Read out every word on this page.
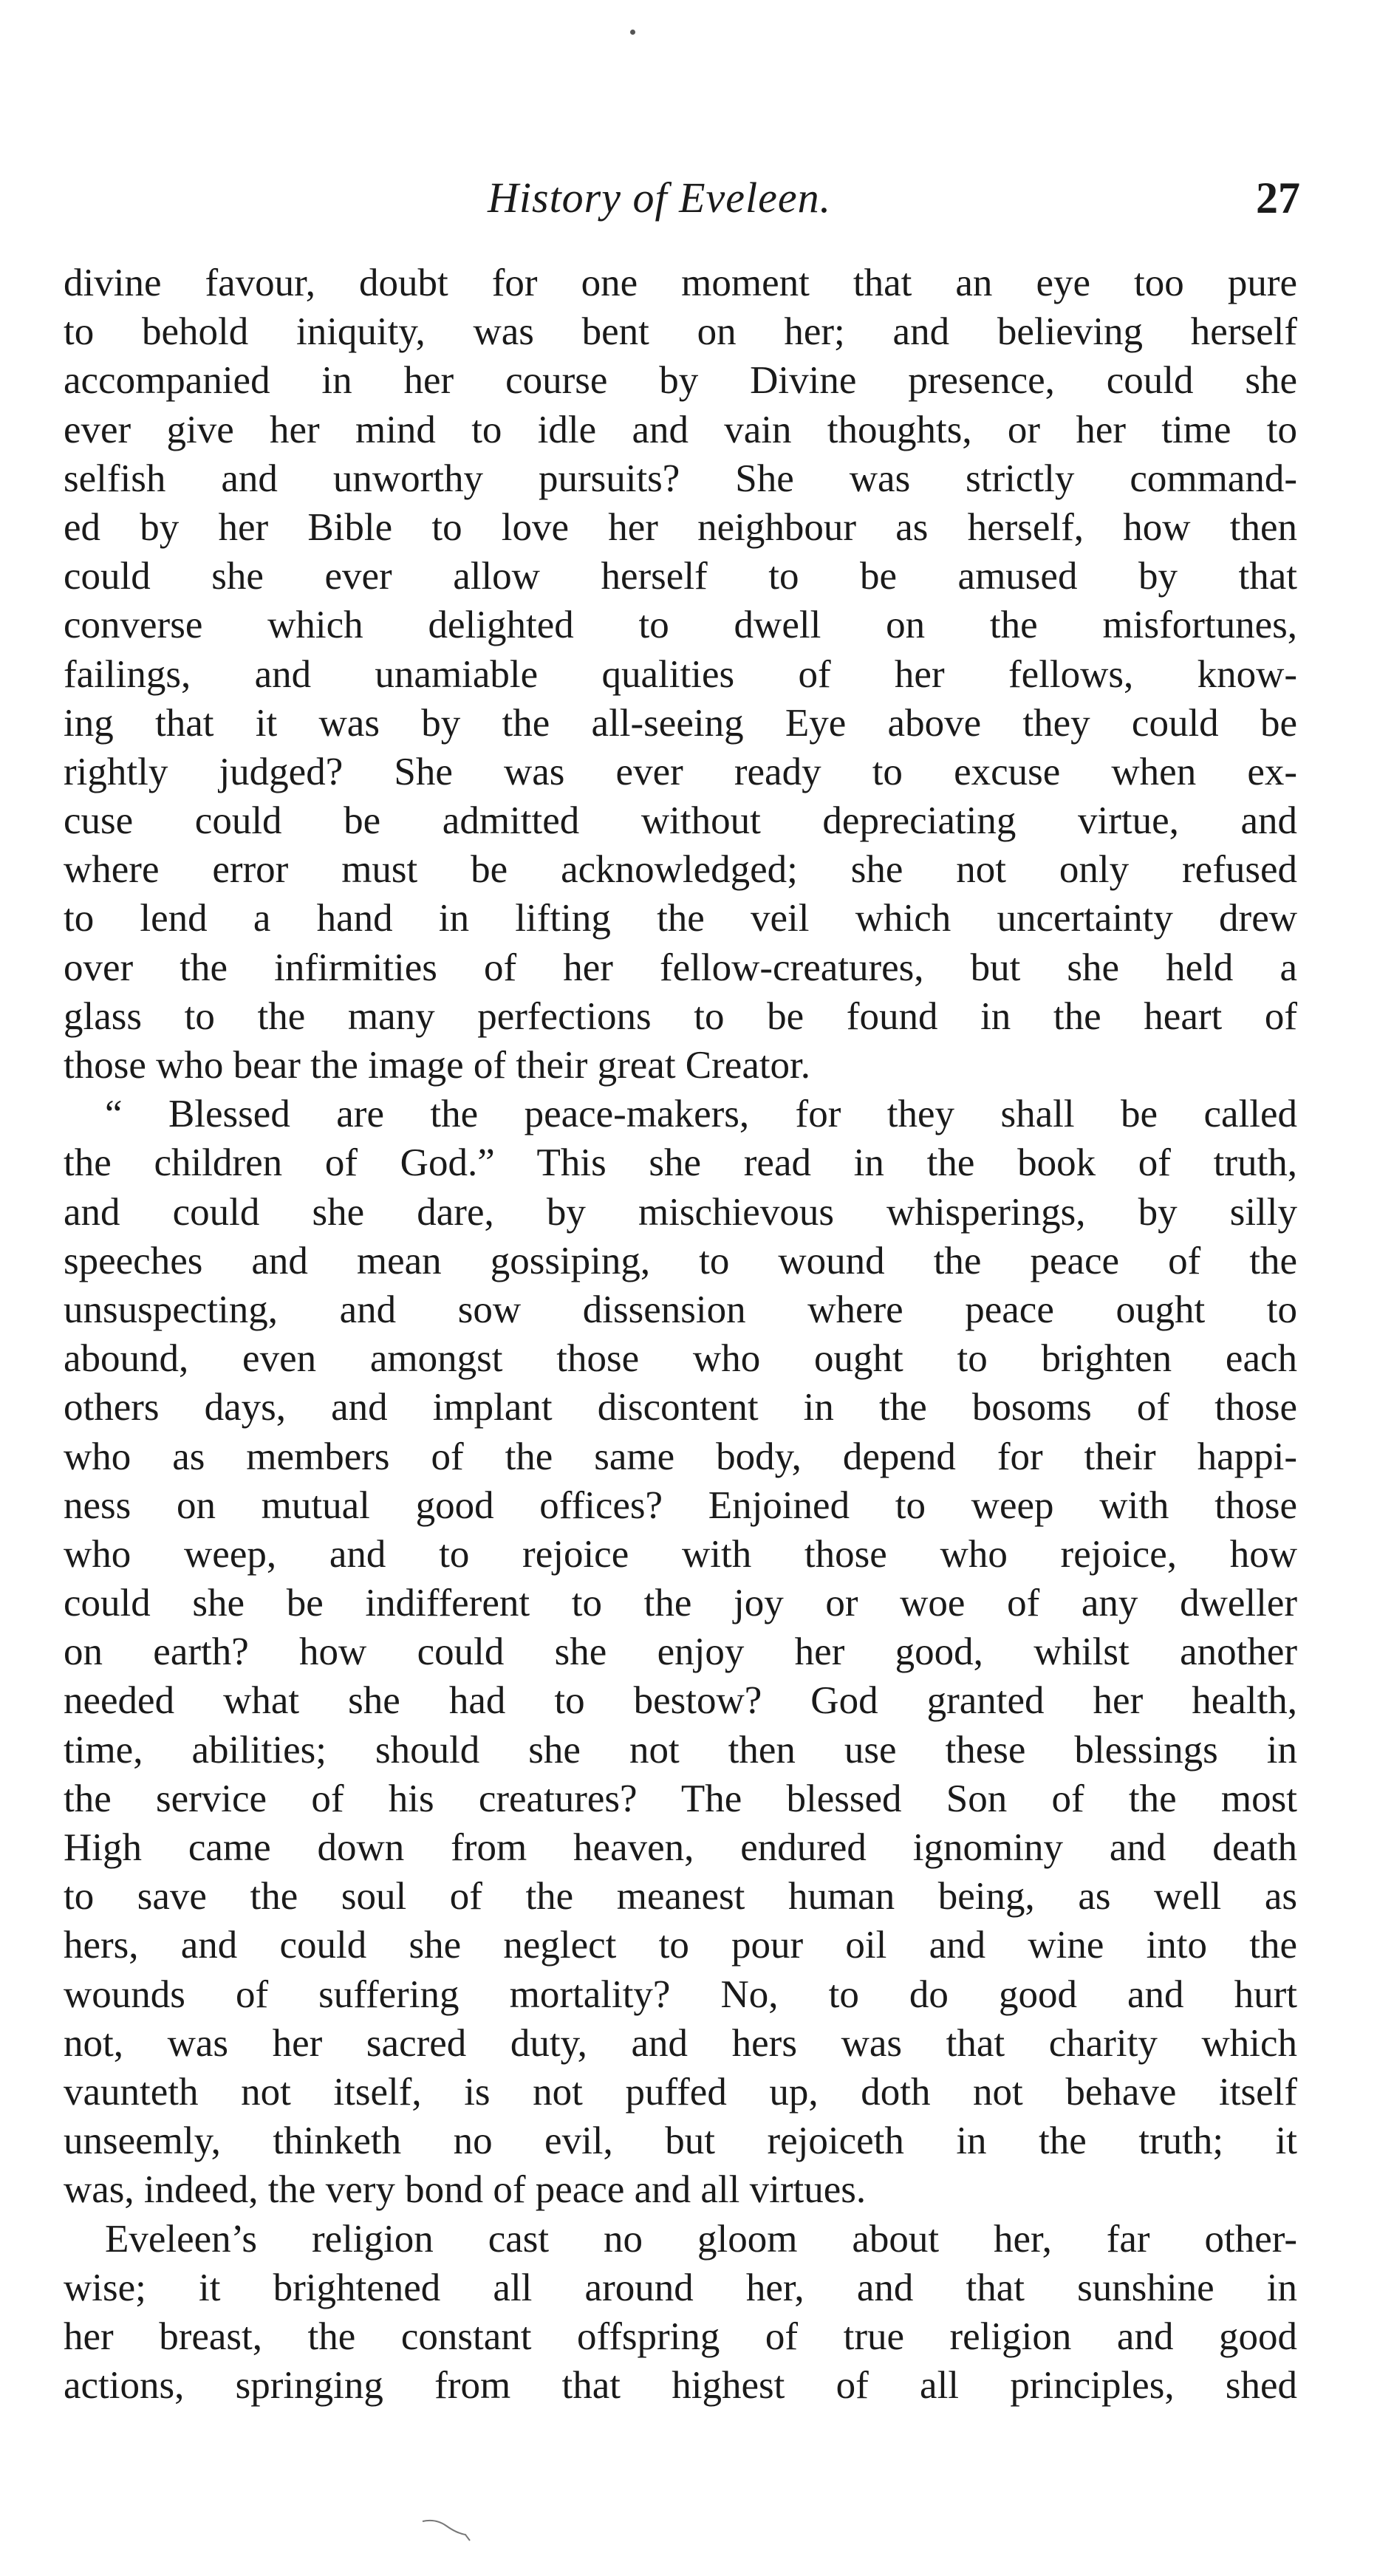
History of Eveleen.	27
divine favour, doubt for one moment that an eye too pure
to behold iniquity, was bent on her; and believing herself
accompanied in her course by Divine presence, could she
ever give her mind to idle and vain thoughts, or her time to
selfish and unworthy pursuits? She was strictly command-
ed by her Bible to love her neighbour as herself, how then
could she ever allow herself to be amused by that
converse which delighted to dwell on the misfortunes,
failings, and unamiable qualities of her fellows, know-
ing that it was by the all-seeing Eye above they could be
rightly judged? She was ever ready to excuse when ex-
cuse could be admitted without depreciating virtue, and
where error must be acknowledged; she not only refused
to lend a hand in lifting the veil which uncertainty drew
over the infirmities of her fellow-creatures, but she held a
glass to the many perfections to be found in the heart of
those who bear the image of their great Creator.
“ Blessed are the peace-makers, for they shall be called
the children of God.” This she read in the book of truth,
and could she dare, by mischievous whisperings, by silly
speeches and mean gossiping, to wound the peace of the
unsuspecting, and sow dissension where peace ought to
abound, even amongst those who ought to brighten each
others days, and implant discontent in the bosoms of those
who as members of the same body, depend for their happi-
ness on mutual good offices? Enjoined to weep with those
who weep, and to rejoice with those who rejoice, how
could she be indifferent to the joy or woe of any dweller
on earth? how could she enjoy her good, whilst another
needed what she had to bestow? God granted her health,
time, abilities; should she not then use these blessings in
the service of his creatures? The blessed Son of the most
High came down from heaven, endured ignominy and death
to save the soul of the meanest human being, as well as
hers, and could she neglect to pour oil and wine into the
wounds of suffering mortality? No, to do good and hurt
not, was her sacred duty, and hers was that charity which
vaunteth not itself, is not puffed up, doth not behave itself
unseemly, thinketh no evil, but rejoiceth in the truth; it
was, indeed, the very bond of peace and all virtues.
Eveleen’s religion cast no gloom about her, far other-
wise; it brightened all around her, and that sunshine in
her breast, the constant offspring of true religion and good
actions, springing from that highest of all principles, shed
